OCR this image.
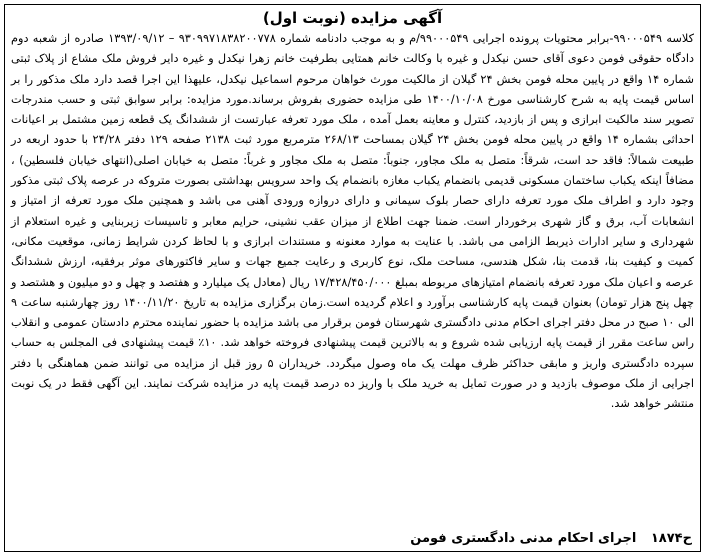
آگهی مزایده (نوبت اول)
کلاسه ۹۹۰۰۰۵۴۹-برابر محتویات پرونده اجرایی ۹۹۰۰۰۵۴۹/م و به موجب دادنامه شماره ۹۳۰۹۹۷۱۸۳۸۲۰۰۷۷۸ – ۱۳۹۳/۰۹/۱۲ صادره از شعبه دوم دادگاه حقوقی فومن دعوی آقای حسن نیکدل و غیره با وکالت خانم همتایی بطرفیت خانم زهرا نیکدل و غیره دایر فروش ملک مشاع از پلاک ثبتی شماره ۱۴ واقع در پایین محله فومن بخش ۲۴ گیلان از مالکیت مورث خواهان مرحوم اسماعیل نیکدل، علیهذا این اجرا قصد دارد ملک مذکور را بر اساس قیمت پایه به شرح کارشناسی مورخ ۱۴۰۰/۱۰/۰۸ طی مزایده حضوری بفروش برساند.مورد مزایده: برابر سوابق ثبتی و حسب مندرجات تصویر سند مالکیت ابرازی و پس از بازدید، کنترل و معاینه بعمل آمده ، ملک مورد تعرفه عبارتست از ششدانگ یک قطعه زمین مشتمل بر اعیانات احداثی بشماره ۱۴ واقع در پایین محله فومن بخش ۲۴ گیلان بمساحت ۲۶۸/۱۳ مترمربع مورد ثبت ۲۱۳۸ صفحه ۱۲۹ دفتر ۲۴/۲۸ با حدود اربعه در طبیعت شمالاً: فاقد حد است، شرقاً: متصل به ملک مجاور، جنوباً: متصل به ملک مجاور و غرباً: متصل به خیابان اصلی(انتهای خیابان فلسطین) ، مضافاً اینکه یکباب ساختمان مسکونی قدیمی بانضمام یکباب مغازه بانضمام یک واحد سرویس بهداشتی بصورت متروکه در عرصه پلاک ثبتی مذکور وجود دارد و اطراف ملک مورد تعرفه دارای حصار بلوک سیمانی و دارای دروازه ورودی آهنی می باشد و همچنین ملک مورد تعرفه از امتیاز و انشعابات آب، برق و گاز شهری برخوردار است. ضمنا جهت اطلاع از میزان عقب نشینی، حرایم معابر و تاسیسات زیربنایی و غیره استعلام از شهرداری و سایر ادارات ذیربط الزامی می باشد. با عنایت به موارد معنونه و مستندات ابرازی و با لحاظ کردن شرایط زمانی، موقعیت مکانی، کمیت و کیفیت بنا، قدمت بنا، شکل هندسی، مساحت ملک، نوع کاربری و رعایت جمیع جهات و سایر فاکتورهای موثر برفقیه، ارزش ششدانگ عرصه و اعیان ملک مورد تعرفه بانضمام امتیازهای مربوطه بمبلغ ۱۷/۴۲۸/۴۵۰/۰۰۰ ریال (معادل یک میلیارد و هفتصد و چهل و دو میلیون و هشتصد و چهل پنج هزار تومان) بعنوان قیمت پایه کارشناسی برآورد و اعلام گردیده است.زمان برگزاری مزایده به تاریخ ۱۴۰۰/۱۱/۲۰ روز چهارشنبه ساعت ۹ الی ۱۰ صبح در محل دفتر اجرای احکام مدنی دادگستری شهرستان فومن برقرار می باشد مزایده با حضور نماینده محترم دادستان عمومی و انقلاب راس ساعت مقرر از قیمت پایه ارزیابی شده شروع و به بالاترین قیمت پیشنهادی فروخته خواهد شد. ۱۰٪ قیمت پیشنهادی فی المجلس به حساب سپرده دادگستری واریز و مابقی حداکثر ظرف مهلت یک ماه وصول میگردد. خریداران ۵ روز قبل از مزایده می توانند ضمن هماهنگی با دفتر اجرایی از ملک موصوف بازدید و در صورت تمایل به خرید ملک با واریز ده درصد قیمت پایه در مزایده شرکت نمایند. این آگهی فقط در یک نوبت منتشر خواهد شد.
ح۱۸۷۴ اجرای احکام مدنی دادگستری فومن
